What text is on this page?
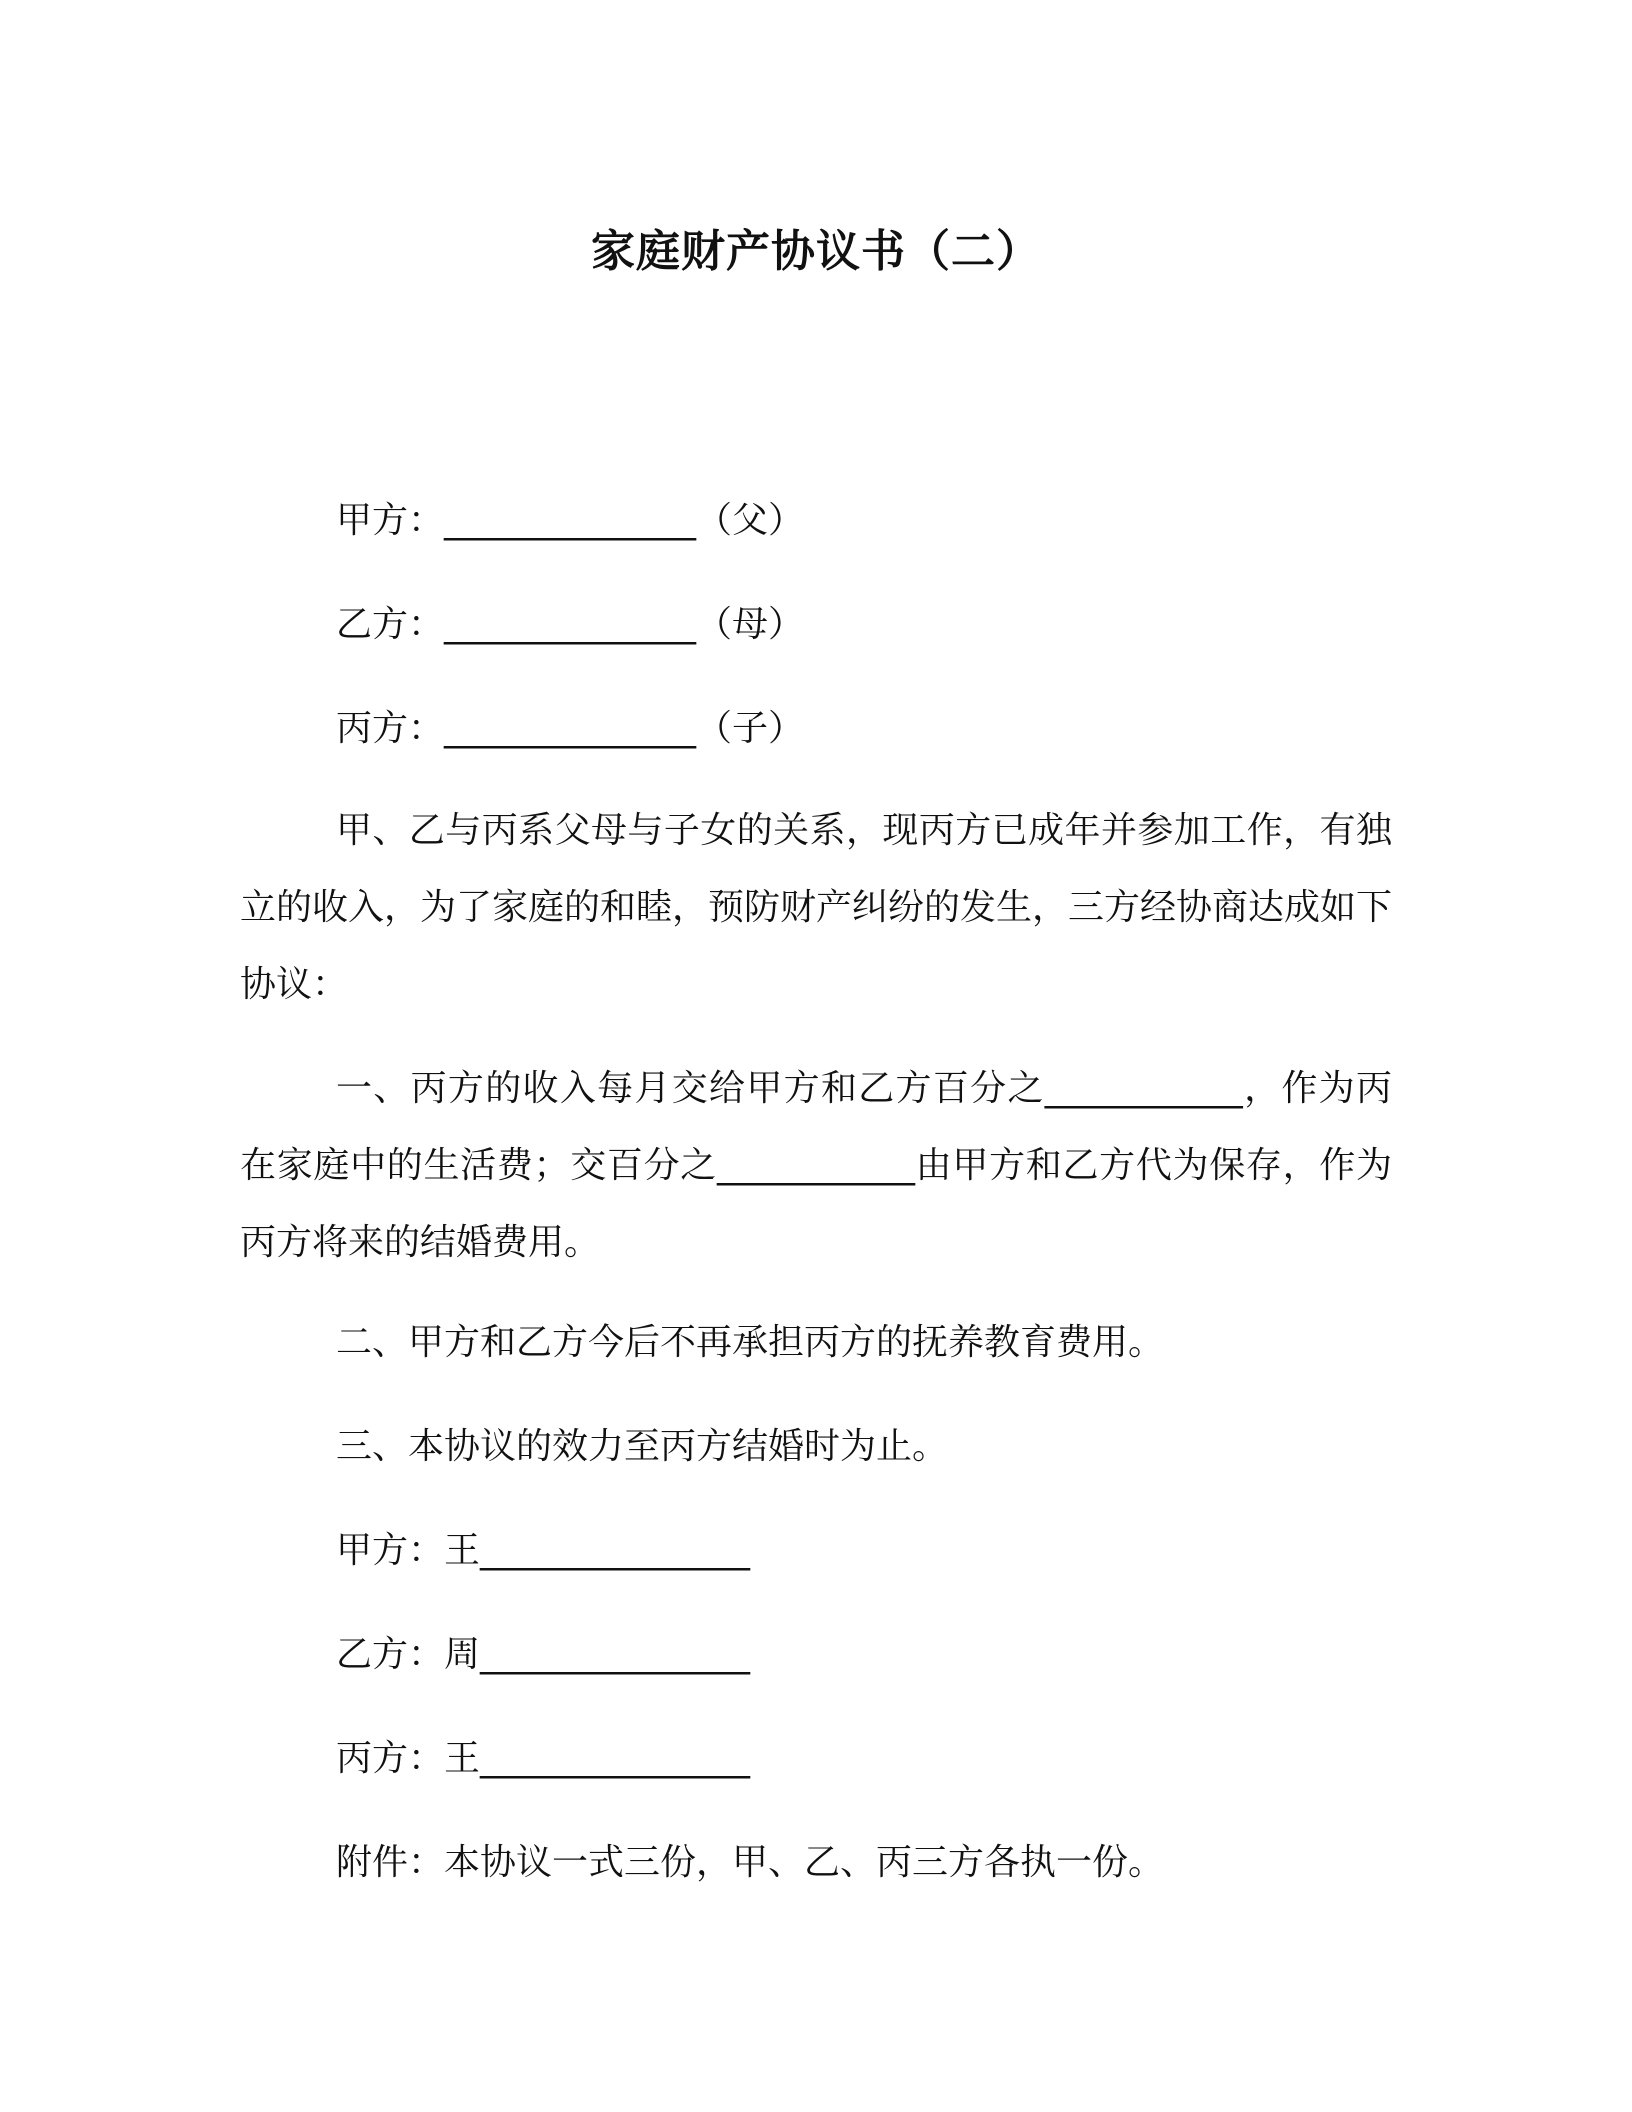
家庭财产协议书（二）
甲方：______________（父）
乙方：______________（母）
丙方：______________（子）
甲、乙与丙系父母与子女的关系，现丙方已成年并参加工作，有独立的收入，为了家庭的和睦，预防财产纠纷的发生，三方经协商达成如下协议：
一、丙方的收入每月交给甲方和乙方百分之___________，作为丙在家庭中的生活费；交百分之___________由甲方和乙方代为保存，作为丙方将来的结婚费用。
二、甲方和乙方今后不再承担丙方的抚养教育费用。
三、本协议的效力至丙方结婚时为止。
甲方：王_______________
乙方：周_______________
丙方：王_______________
附件：本协议一式三份，甲、乙、丙三方各执一份。
